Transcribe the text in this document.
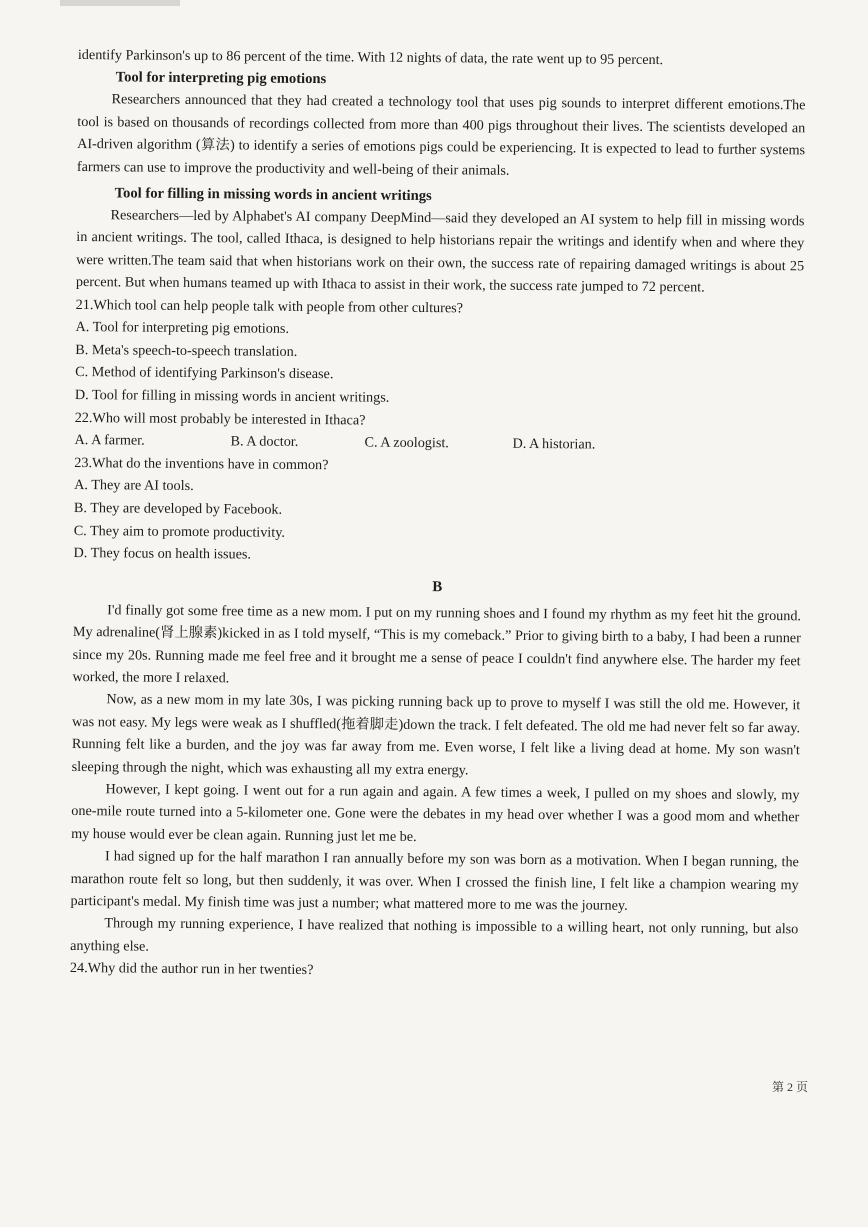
identify Parkinson's up to 86 percent of the time. With 12 nights of data, the rate went up to 95 percent.

Tool for interpreting pig emotions

Researchers announced that they had created a technology tool that uses pig sounds to interpret different emotions.The tool is based on thousands of recordings collected from more than 400 pigs throughout their lives. The scientists developed an AI-driven algorithm (算法) to identify a series of emotions pigs could be experiencing. It is expected to lead to further systems farmers can use to improve the productivity and well-being of their animals.

Tool for filling in missing words in ancient writings

Researchers—led by Alphabet's AI company DeepMind—said they developed an AI system to help fill in missing words in ancient writings. The tool, called Ithaca, is designed to help historians repair the writings and identify when and where they were written.The team said that when historians work on their own, the success rate of repairing damaged writings is about 25 percent. But when humans teamed up with Ithaca to assist in their work, the success rate jumped to 72 percent.

21.Which tool can help people talk with people from other cultures?
A. Tool for interpreting pig emotions.
B. Meta's speech-to-speech translation.
C. Method of identifying Parkinson's disease.
D. Tool for filling in missing words in ancient writings.
22.Who will most probably be interested in Ithaca?
A. A farmer.	B. A doctor.	C. A zoologist.	D. A historian.
23.What do the inventions have in common?
A. They are AI tools.
B. They are developed by Facebook.
C. They aim to promote productivity.
D. They focus on health issues.
B

I'd finally got some free time as a new mom. I put on my running shoes and I found my rhythm as my feet hit the ground. My adrenaline(肾上腺素)kicked in as I told myself, “This is my comeback.” Prior to giving birth to a baby, I had been a runner since my 20s. Running made me feel free and it brought me a sense of peace I couldn't find anywhere else. The harder my feet worked, the more I relaxed.

Now, as a new mom in my late 30s, I was picking running back up to prove to myself I was still the old me. However, it was not easy. My legs were weak as I shuffled(拖着脚走)down the track. I felt defeated. The old me had never felt so far away. Running felt like a burden, and the joy was far away from me. Even worse, I felt like a living dead at home. My son wasn't sleeping through the night, which was exhausting all my extra energy.

However, I kept going. I went out for a run again and again. A few times a week, I pulled on my shoes and slowly, my one-mile route turned into a 5-kilometer one. Gone were the debates in my head over whether I was a good mom and whether my house would ever be clean again. Running just let me be.

I had signed up for the half marathon I ran annually before my son was born as a motivation. When I began running, the marathon route felt so long, but then suddenly, it was over. When I crossed the finish line, I felt like a champion wearing my participant's medal. My finish time was just a number; what mattered more to me was the journey.

Through my running experience, I have realized that nothing is impossible to a willing heart, not only running, but also anything else.

24.Why did the author run in her twenties?
第 2 页
